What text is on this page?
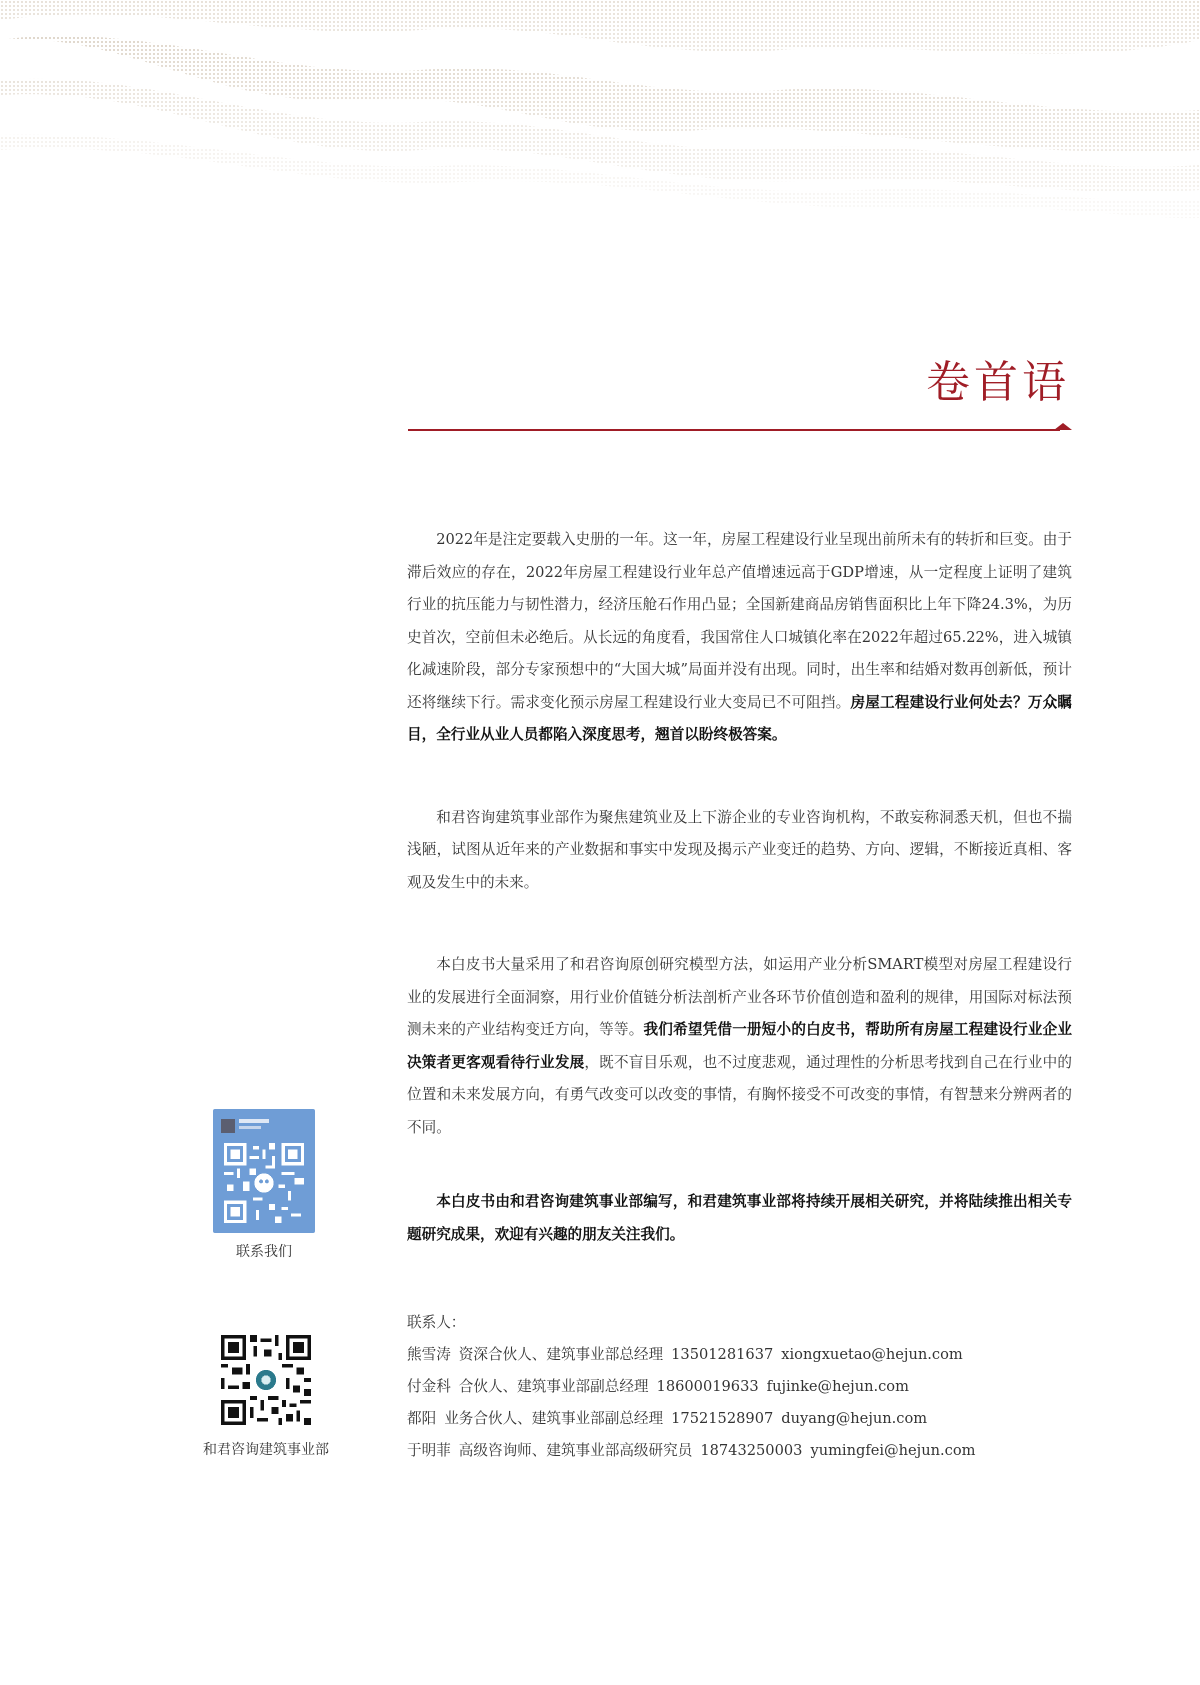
卷首语

2022年是注定要载入史册的一年。这一年，房屋工程建设行业呈现出前所未有的转折和巨变。由于滞后效应的存在，2022年房屋工程建设行业年总产值增速远高于GDP增速，从一定程度上证明了建筑行业的抗压能力与韧性潜力，经济压舱石作用凸显；全国新建商品房销售面积比上年下降24.3%，为历史首次，空前但未必绝后。从长远的角度看，我国常住人口城镇化率在2022年超过65.22%，进入城镇化减速阶段，部分专家预想中的“大国大城”局面并没有出现。同时，出生率和结婚对数再创新低，预计还将继续下行。需求变化预示房屋工程建设行业大变局已不可阻挡。房屋工程建设行业何处去？万众瞩目，全行业从业人员都陷入深度思考，翘首以盼终极答案。

和君咨询建筑事业部作为聚焦建筑业及上下游企业的专业咨询机构，不敢妄称洞悉天机，但也不揣浅陋，试图从近年来的产业数据和事实中发现及揭示产业变迁的趋势、方向、逻辑，不断接近真相、客观及发生中的未来。

本白皮书大量采用了和君咨询原创研究模型方法，如运用产业分析SMART模型对房屋工程建设行业的发展进行全面洞察，用行业价值链分析法剖析产业各环节价值创造和盈利的规律，用国际对标法预测未来的产业结构变迁方向，等等。我们希望凭借一册短小的白皮书，帮助所有房屋工程建设行业企业决策者更客观看待行业发展，既不盲目乐观，也不过度悲观，通过理性的分析思考找到自己在行业中的位置和未来发展方向，有勇气改变可以改变的事情，有胸怀接受不可改变的事情，有智慧来分辨两者的不同。

本白皮书由和君咨询建筑事业部编写，和君建筑事业部将持续开展相关研究，并将陆续推出相关专题研究成果，欢迎有兴趣的朋友关注我们。

联系人：
熊雪涛 资深合伙人、建筑事业部总经理 13501281637 xiongxuetao@hejun.com
付金科 合伙人、建筑事业部副总经理 18600019633 fujinke@hejun.com
都阳 业务合伙人、建筑事业部副总经理 17521528907 duyang@hejun.com
于明菲 高级咨询师、建筑事业部高级研究员 18743250003 yumingfei@hejun.com
联系我们
和君咨询建筑事业部
